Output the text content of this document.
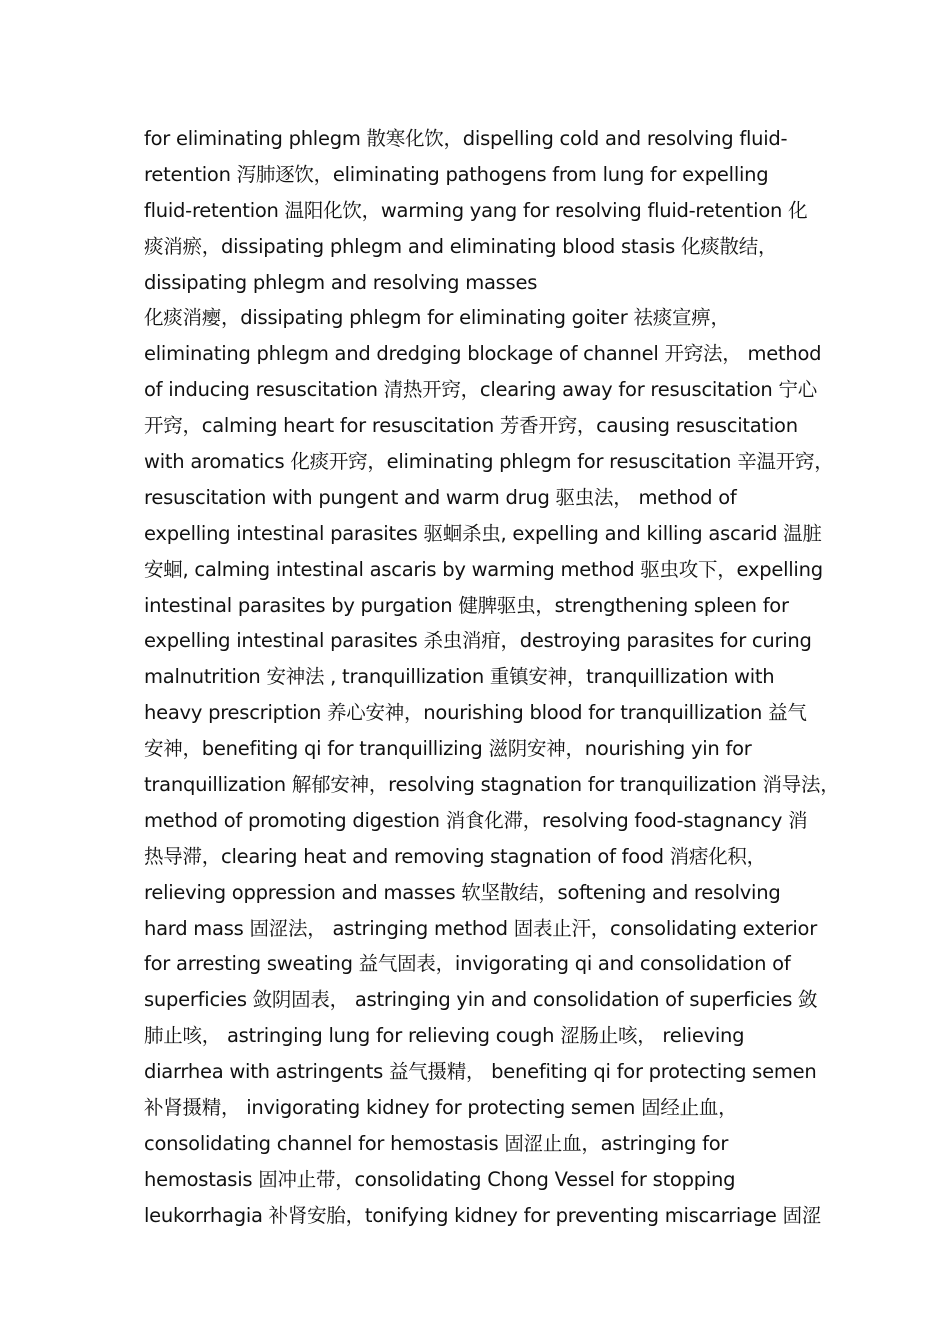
for eliminating phlegm 散寒化饮，dispelling cold and resolving fluid-
retention 泻肺逐饮，eliminating pathogens from lung for expelling
fluid-retention 温阳化饮，warming yang for resolving fluid-retention 化
痰消瘀，dissipating phlegm and eliminating blood stasis 化痰散结，
dissipating phlegm and resolving masses
化痰消瘿，dissipating phlegm for eliminating goiter 祛痰宣痹，
eliminating phlegm and dredging blockage of channel 开窍法， method
of inducing resuscitation 清热开窍，clearing away for resuscitation 宁心
开窍，calming heart for resuscitation 芳香开窍，causing resuscitation
with aromatics 化痰开窍，eliminating phlegm for resuscitation 辛温开窍，
resuscitation with pungent and warm drug 驱虫法， method of
expelling intestinal parasites 驱蛔杀虫, expelling and killing ascarid 温脏
安蛔, calming intestinal ascaris by warming method 驱虫攻下，expelling
intestinal parasites by purgation 健脾驱虫，strengthening spleen for
expelling intestinal parasites 杀虫消疳，destroying parasites for curing
malnutrition 安神法 , tranquillization 重镇安神，tranquillization with
heavy prescription 养心安神，nourishing blood for tranquillization 益气
安神，benefiting qi for tranquillizing 滋阴安神，nourishing yin for
tranquillization 解郁安神，resolving stagnation for tranquilization 消导法，
method of promoting digestion 消食化滞，resolving food-stagnancy 消
热导滞，clearing heat and removing stagnation of food 消痞化积，
relieving oppression and masses 软坚散结，softening and resolving
hard mass 固涩法， astringing method 固表止汗，consolidating exterior
for arresting sweating 益气固表，invigorating qi and consolidation of
superficies 敛阴固表， astringing yin and consolidation of superficies 敛
肺止咳， astringing lung for relieving cough 涩肠止咳， relieving
diarrhea with astringents 益气摄精， benefiting qi for protecting semen
补肾摄精， invigorating kidney for protecting semen 固经止血，
consolidating channel for hemostasis 固涩止血，astringing for
hemostasis 固冲止带，consolidating Chong Vessel for stopping
leukorrhagia 补肾安胎，tonifying kidney for preventing miscarriage 固涩
